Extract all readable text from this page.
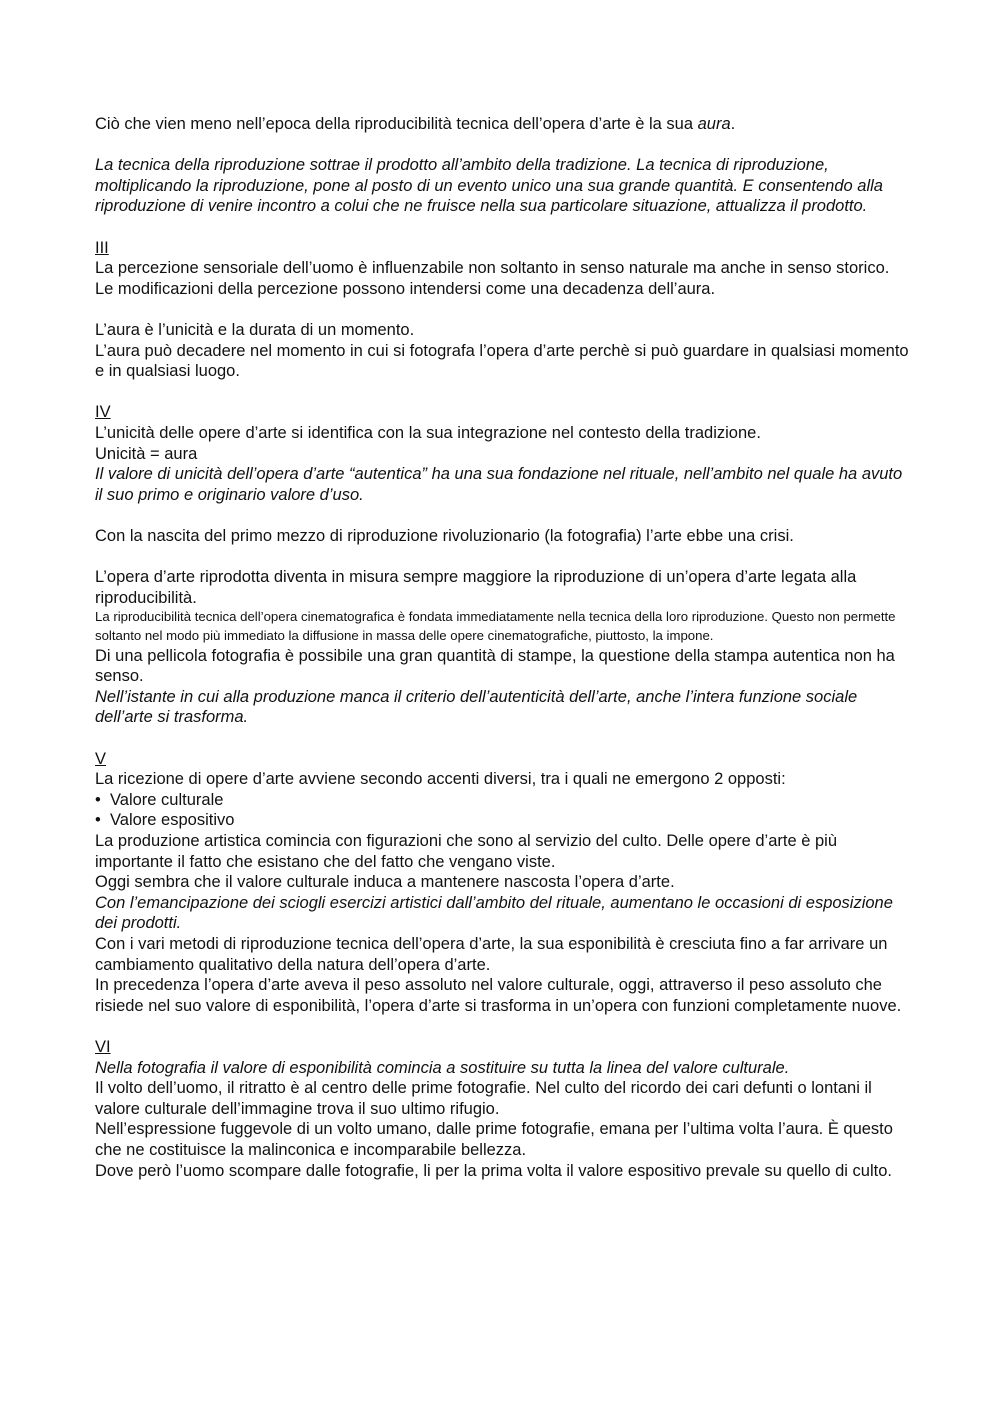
Ciò che vien meno nell’epoca della riproducibilità tecnica dell’opera d’arte è la sua aura.

La tecnica della riproduzione sottrae il prodotto all’ambito della tradizione. La tecnica di riproduzione, moltiplicando la riproduzione, pone al posto di un evento unico una sua grande quantità. E consentendo alla riproduzione di venire incontro a colui che ne fruisce nella sua particolare situazione, attualizza il prodotto.

III

La percezione sensoriale dell’uomo è influenzabile non soltanto in senso naturale ma anche in senso storico.

Le modificazioni della percezione possono intendersi come una decadenza dell’aura.

L’aura è l’unicità e la durata di un momento.

L’aura può decadere nel momento in cui si fotografa l’opera d’arte perchè si può guardare in qualsiasi momento e in qualsiasi luogo.

IV

L’unicità delle opere d’arte si identifica con la sua integrazione nel contesto della tradizione.

Unicità = aura

Il valore di unicità dell’opera d’arte “autentica” ha una sua fondazione nel rituale, nell’ambito nel quale ha avuto il suo primo e originario valore d’uso.

Con la nascita del primo mezzo di riproduzione rivoluzionario (la fotografia) l’arte ebbe una crisi.

L’opera d’arte riprodotta diventa in misura sempre maggiore la riproduzione di un’opera d’arte legata alla riproducibilità.

La riproducibilità tecnica dell’opera cinematografica è fondata immediatamente nella tecnica della loro riproduzione. Questo non permette soltanto nel modo più immediato la diffusione in massa delle opere cinematografiche, piuttosto, la impone.

Di una pellicola fotografia è possibile una gran quantità di stampe, la questione della stampa autentica non ha senso.

Nell’istante in cui alla produzione manca il criterio dell’autenticità dell’arte, anche l’intera funzione sociale dell’arte si trasforma.

V

La ricezione di opere d’arte avviene secondo accenti diversi, tra i quali ne emergono 2 opposti:

• Valore culturale

• Valore espositivo

La produzione artistica comincia con figurazioni che sono al servizio del culto. Delle opere d’arte è più importante il fatto che esistano che del fatto che vengano viste.

Oggi sembra che il valore culturale induca a mantenere nascosta l’opera d’arte.

Con l’emancipazione dei sciogli esercizi artistici dall’ambito del rituale, aumentano le occasioni di esposizione dei prodotti.

Con i vari metodi di riproduzione tecnica dell’opera d’arte, la sua esponibilità è cresciuta fino a far arrivare un cambiamento qualitativo della natura dell’opera d’arte.

In precedenza l’opera d’arte aveva il peso assoluto nel valore culturale, oggi, attraverso il peso assoluto che risiede nel suo valore di esponibilità, l’opera d’arte si trasforma in un’opera con funzioni completamente nuove.

VI

Nella fotografia il valore di esponibilità comincia a sostituire su tutta la linea del valore culturale.

Il volto dell’uomo, il ritratto è al centro delle prime fotografie. Nel culto del ricordo dei cari defunti o lontani il valore culturale dell’immagine trova il suo ultimo rifugio.

Nell’espressione fuggevole di un volto umano, dalle prime fotografie, emana per l’ultima volta l’aura. È questo che ne costituisce la malinconica e incomparabile bellezza.

Dove però l’uomo scompare dalle fotografie, li per la prima volta il valore espositivo prevale su quello di culto.
